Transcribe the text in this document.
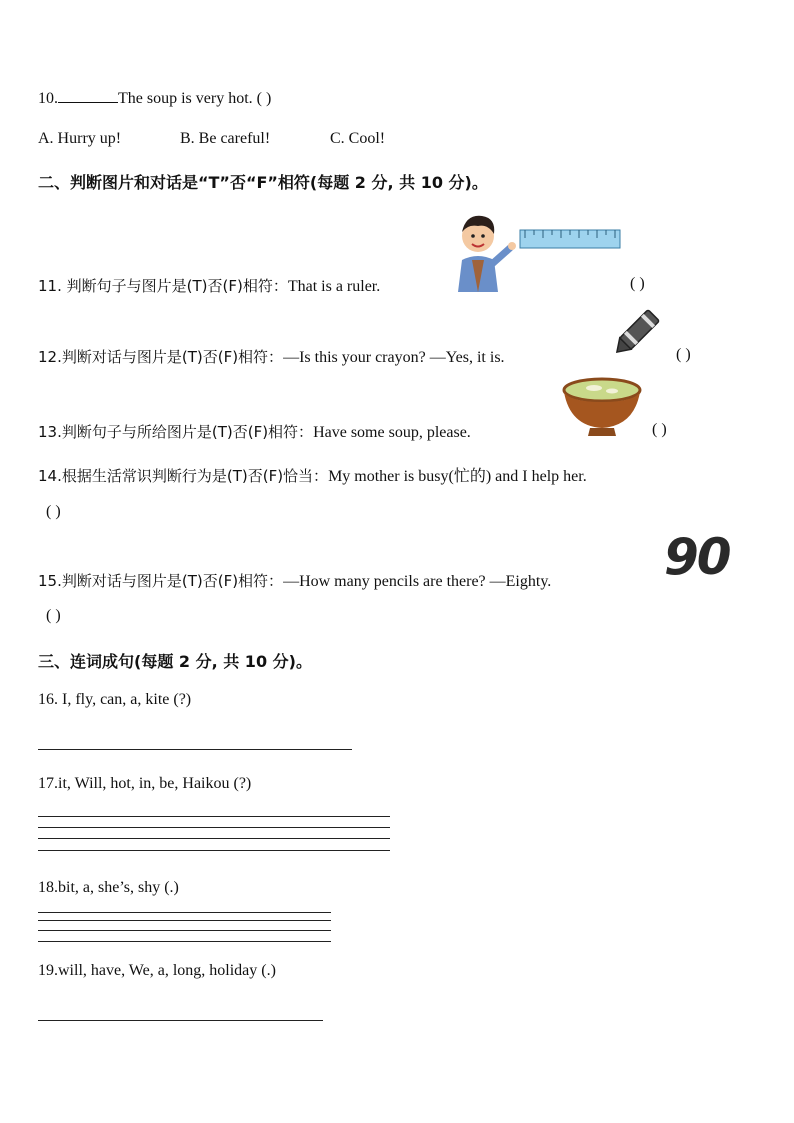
10.	The soup is very hot. ( )
A. Hurry up!	B. Be careful!	C. Cool!
二、判断图片和对话是“T”否“F”相符(每题 2 分, 共 10 分)。
11. 判断句子与图片是(T)否(F)相符：That is a ruler.	( )
12.判断对话与图片是(T)否(F)相符：—Is this your crayon? —Yes, it is.	( )
13.判断句子与所给图片是(T)否(F)相符：Have some soup, please.	( )
14.根据生活常识判断行为是(T)否(F)恰当：My mother is busy(忙的) and I help her.
( )
15.判断对话与图片是(T)否(F)相符：—How many pencils are there? —Eighty. 90
( )
三、连词成句(每题 2 分, 共 10 分)。
16. I, fly, can, a, kite (?)
17.it, Will, hot, in, be, Haikou (?)
18.bit, a, she’s, shy (.)
19.will, have, We, a, long, holiday (.)
